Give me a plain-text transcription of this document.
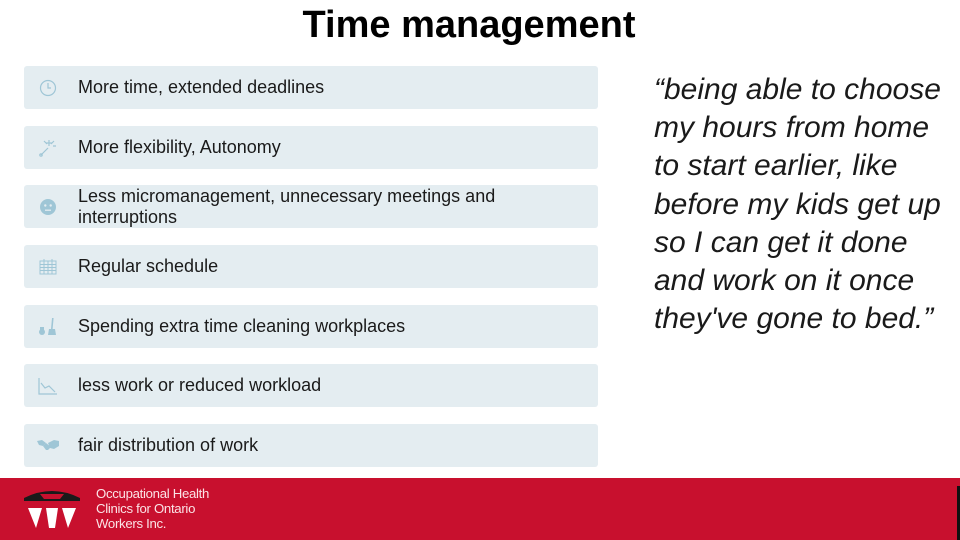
Time management
More time, extended deadlines
More flexibility, Autonomy
Less micromanagement, unnecessary meetings and interruptions
Regular schedule
Spending extra time cleaning workplaces
less work or reduced workload
fair distribution of work
“being able to choose my hours from home to start earlier, like before my kids get up so I can get it done and work on it once they've gone to bed.”
Occupational Health
Clinics for Ontario
Workers Inc.
